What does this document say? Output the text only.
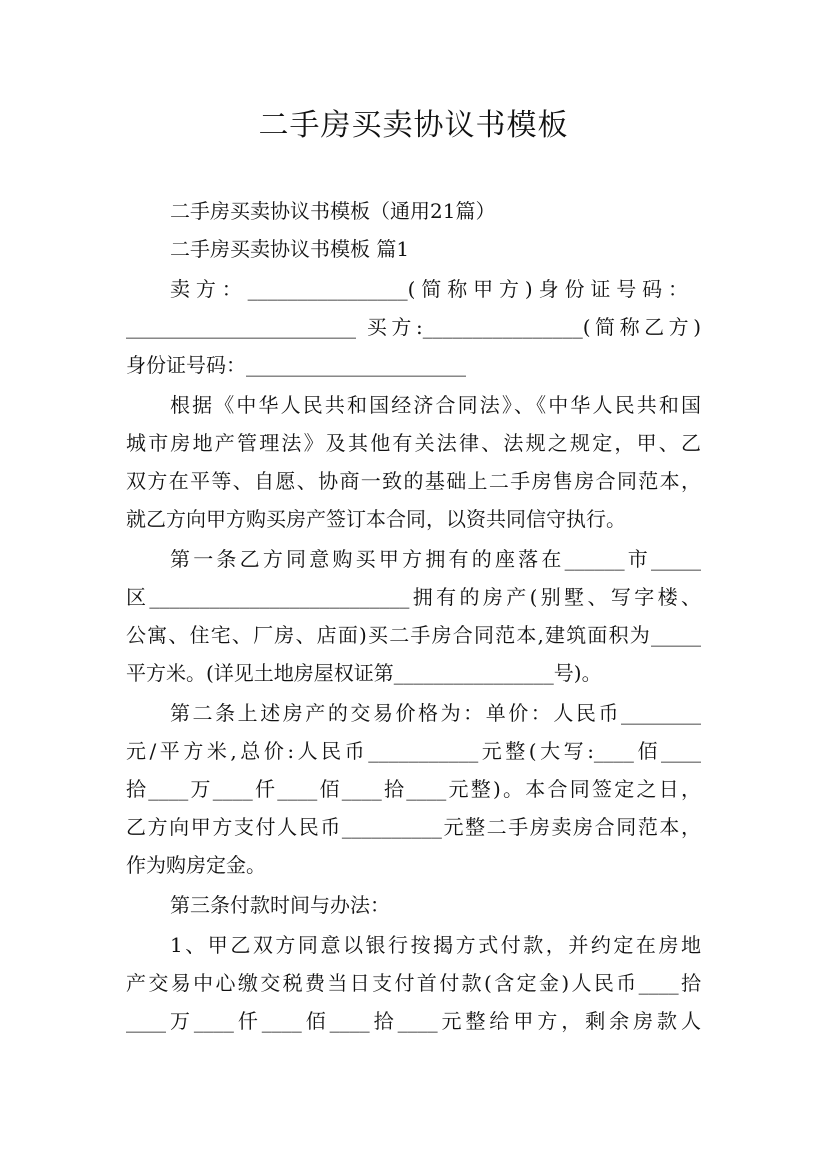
二手房买卖协议书模板
二手房买卖协议书模板（通用21篇）
二手房买卖协议书模板 篇1
卖方：________________(简称甲方)身份证号码：
_______________________ 买方:________________(简称乙方)
身份证号码：______________________
根据《中华人民共和国经济合同法》、《中华人民共和国
城市房地产管理法》及其他有关法律、法规之规定，甲、乙
双方在平等、自愿、协商一致的基础上二手房售房合同范本，
就乙方向甲方购买房产签订本合同，以资共同信守执行。
第一条乙方同意购买甲方拥有的座落在______市_____
区__________________________拥有的房产(别墅、写字楼、
公寓、住宅、厂房、店面)买二手房合同范本,建筑面积为_____
平方米。(详见土地房屋权证第________________号)。
第二条上述房产的交易价格为：单价：人民币________
元/平方米,总价:人民币___________元整(大写:____佰____
拾____万____仟____佰____拾____元整)。本合同签定之日，
乙方向甲方支付人民币__________元整二手房卖房合同范本，
作为购房定金。
第三条付款时间与办法：
1、甲乙双方同意以银行按揭方式付款，并约定在房地
产交易中心缴交税费当日支付首付款(含定金)人民币____拾
____万____仟____佰____拾____元整给甲方，剩余房款人
